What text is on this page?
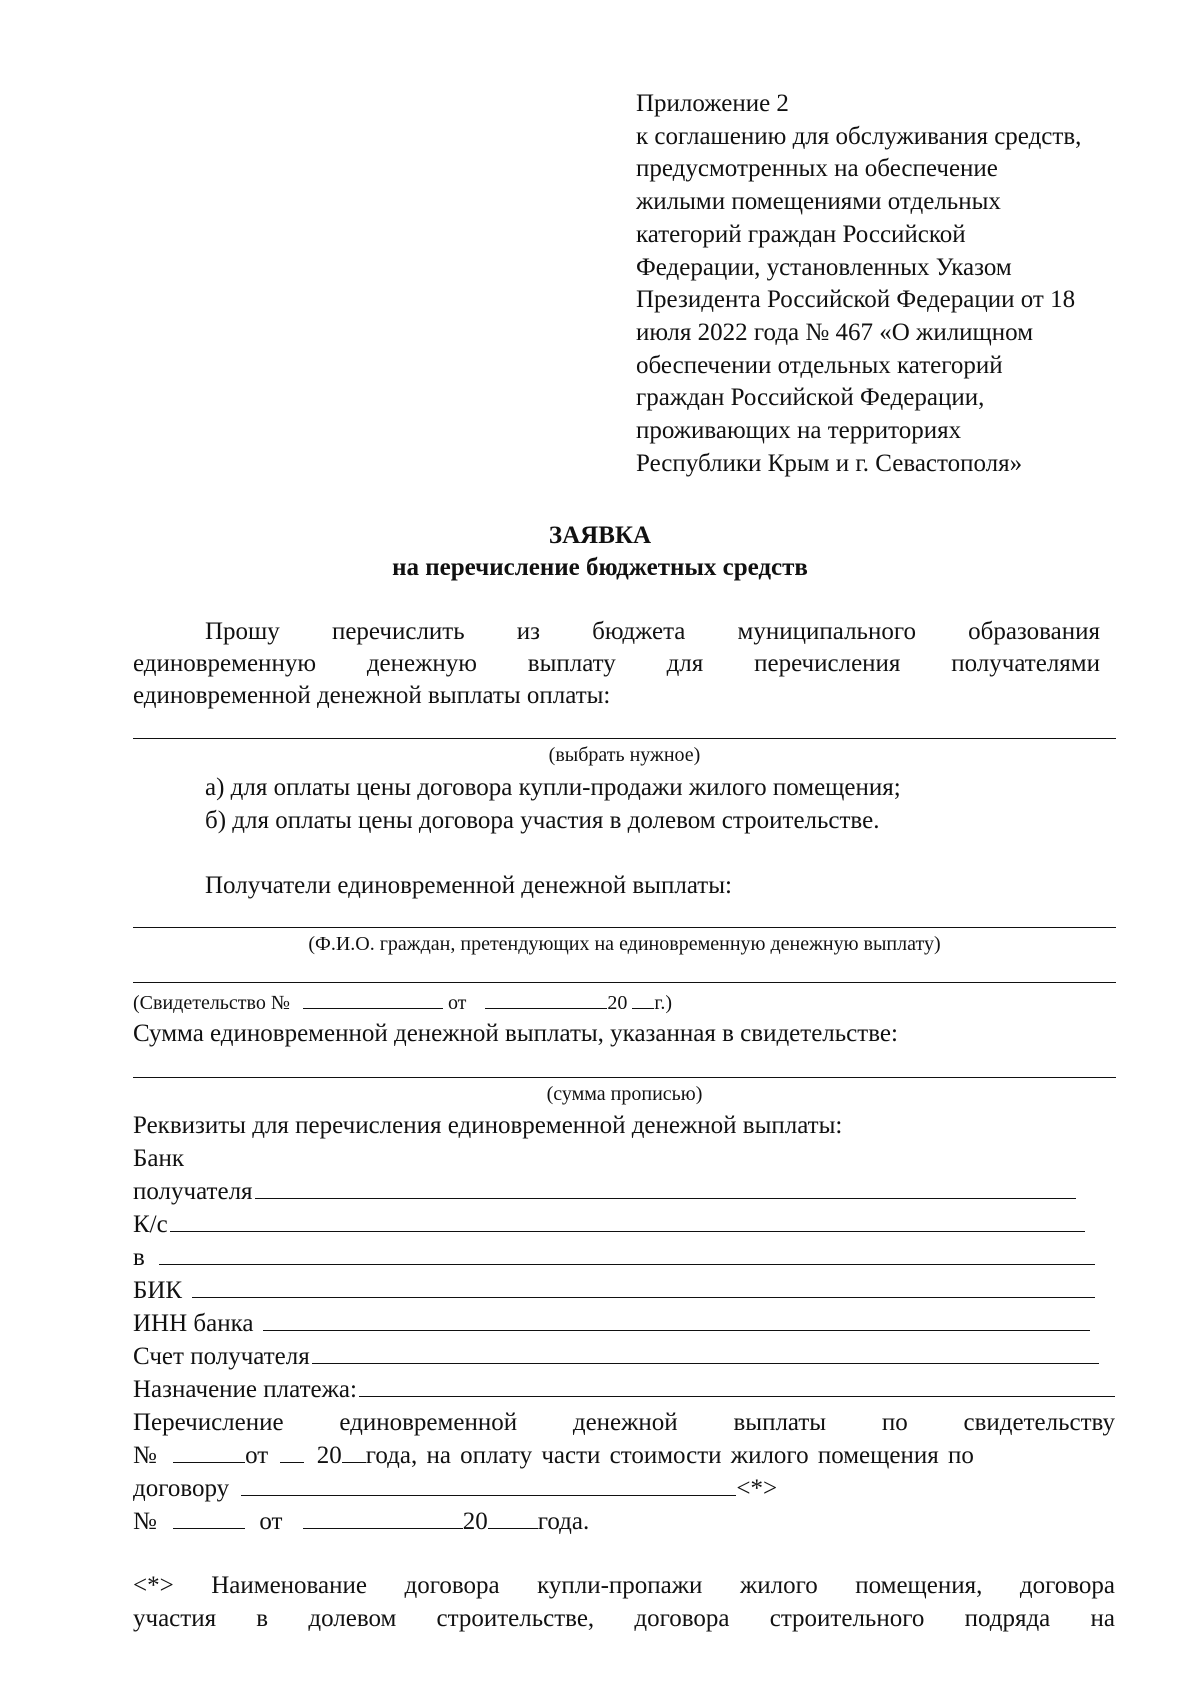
Приложение 2
к соглашению для обслуживания средств,
предусмотренных на обеспечение
жилыми помещениями отдельных
категорий граждан Российской
Федерации, установленных Указом
Президента Российской Федерации от 18
июля 2022 года № 467 «О жилищном
обеспечении отдельных категорий
граждан Российской Федерации,
проживающих на территориях
Республики Крым и г. Севастополя»
ЗАЯВКА
на перечисление бюджетных средств
Прошу перечислить из бюджета муниципального образования
единовременную денежную выплату для перечисления получателями
единовременной денежной выплаты оплаты:
(выбрать нужное)
а) для оплаты цены договора купли-продажи жилого помещения;
б) для оплаты цены договора участия в долевом строительстве.
Получатели единовременной денежной выплаты:
(Ф.И.О. граждан, претендующих на единовременную денежную выплату)
(Свидетельство №	от	20 г.)
Сумма единовременной денежной выплаты, указанная в свидетельстве:
(сумма прописью)
Реквизиты для перечисления единовременной денежной выплаты:
Банк
получателя
К/с
в
БИК
ИНН банка
Счет получателя
Назначение платежа:
Перечисление единовременной денежной выплаты по свидетельству
№	от 20 года, на оплату части стоимости жилого помещения по
договору	<*>
№	от	20 года.
<*> Наименование договора купли-пропажи жилого помещения, договора
участия в долевом строительстве, договора строительного подряда на
